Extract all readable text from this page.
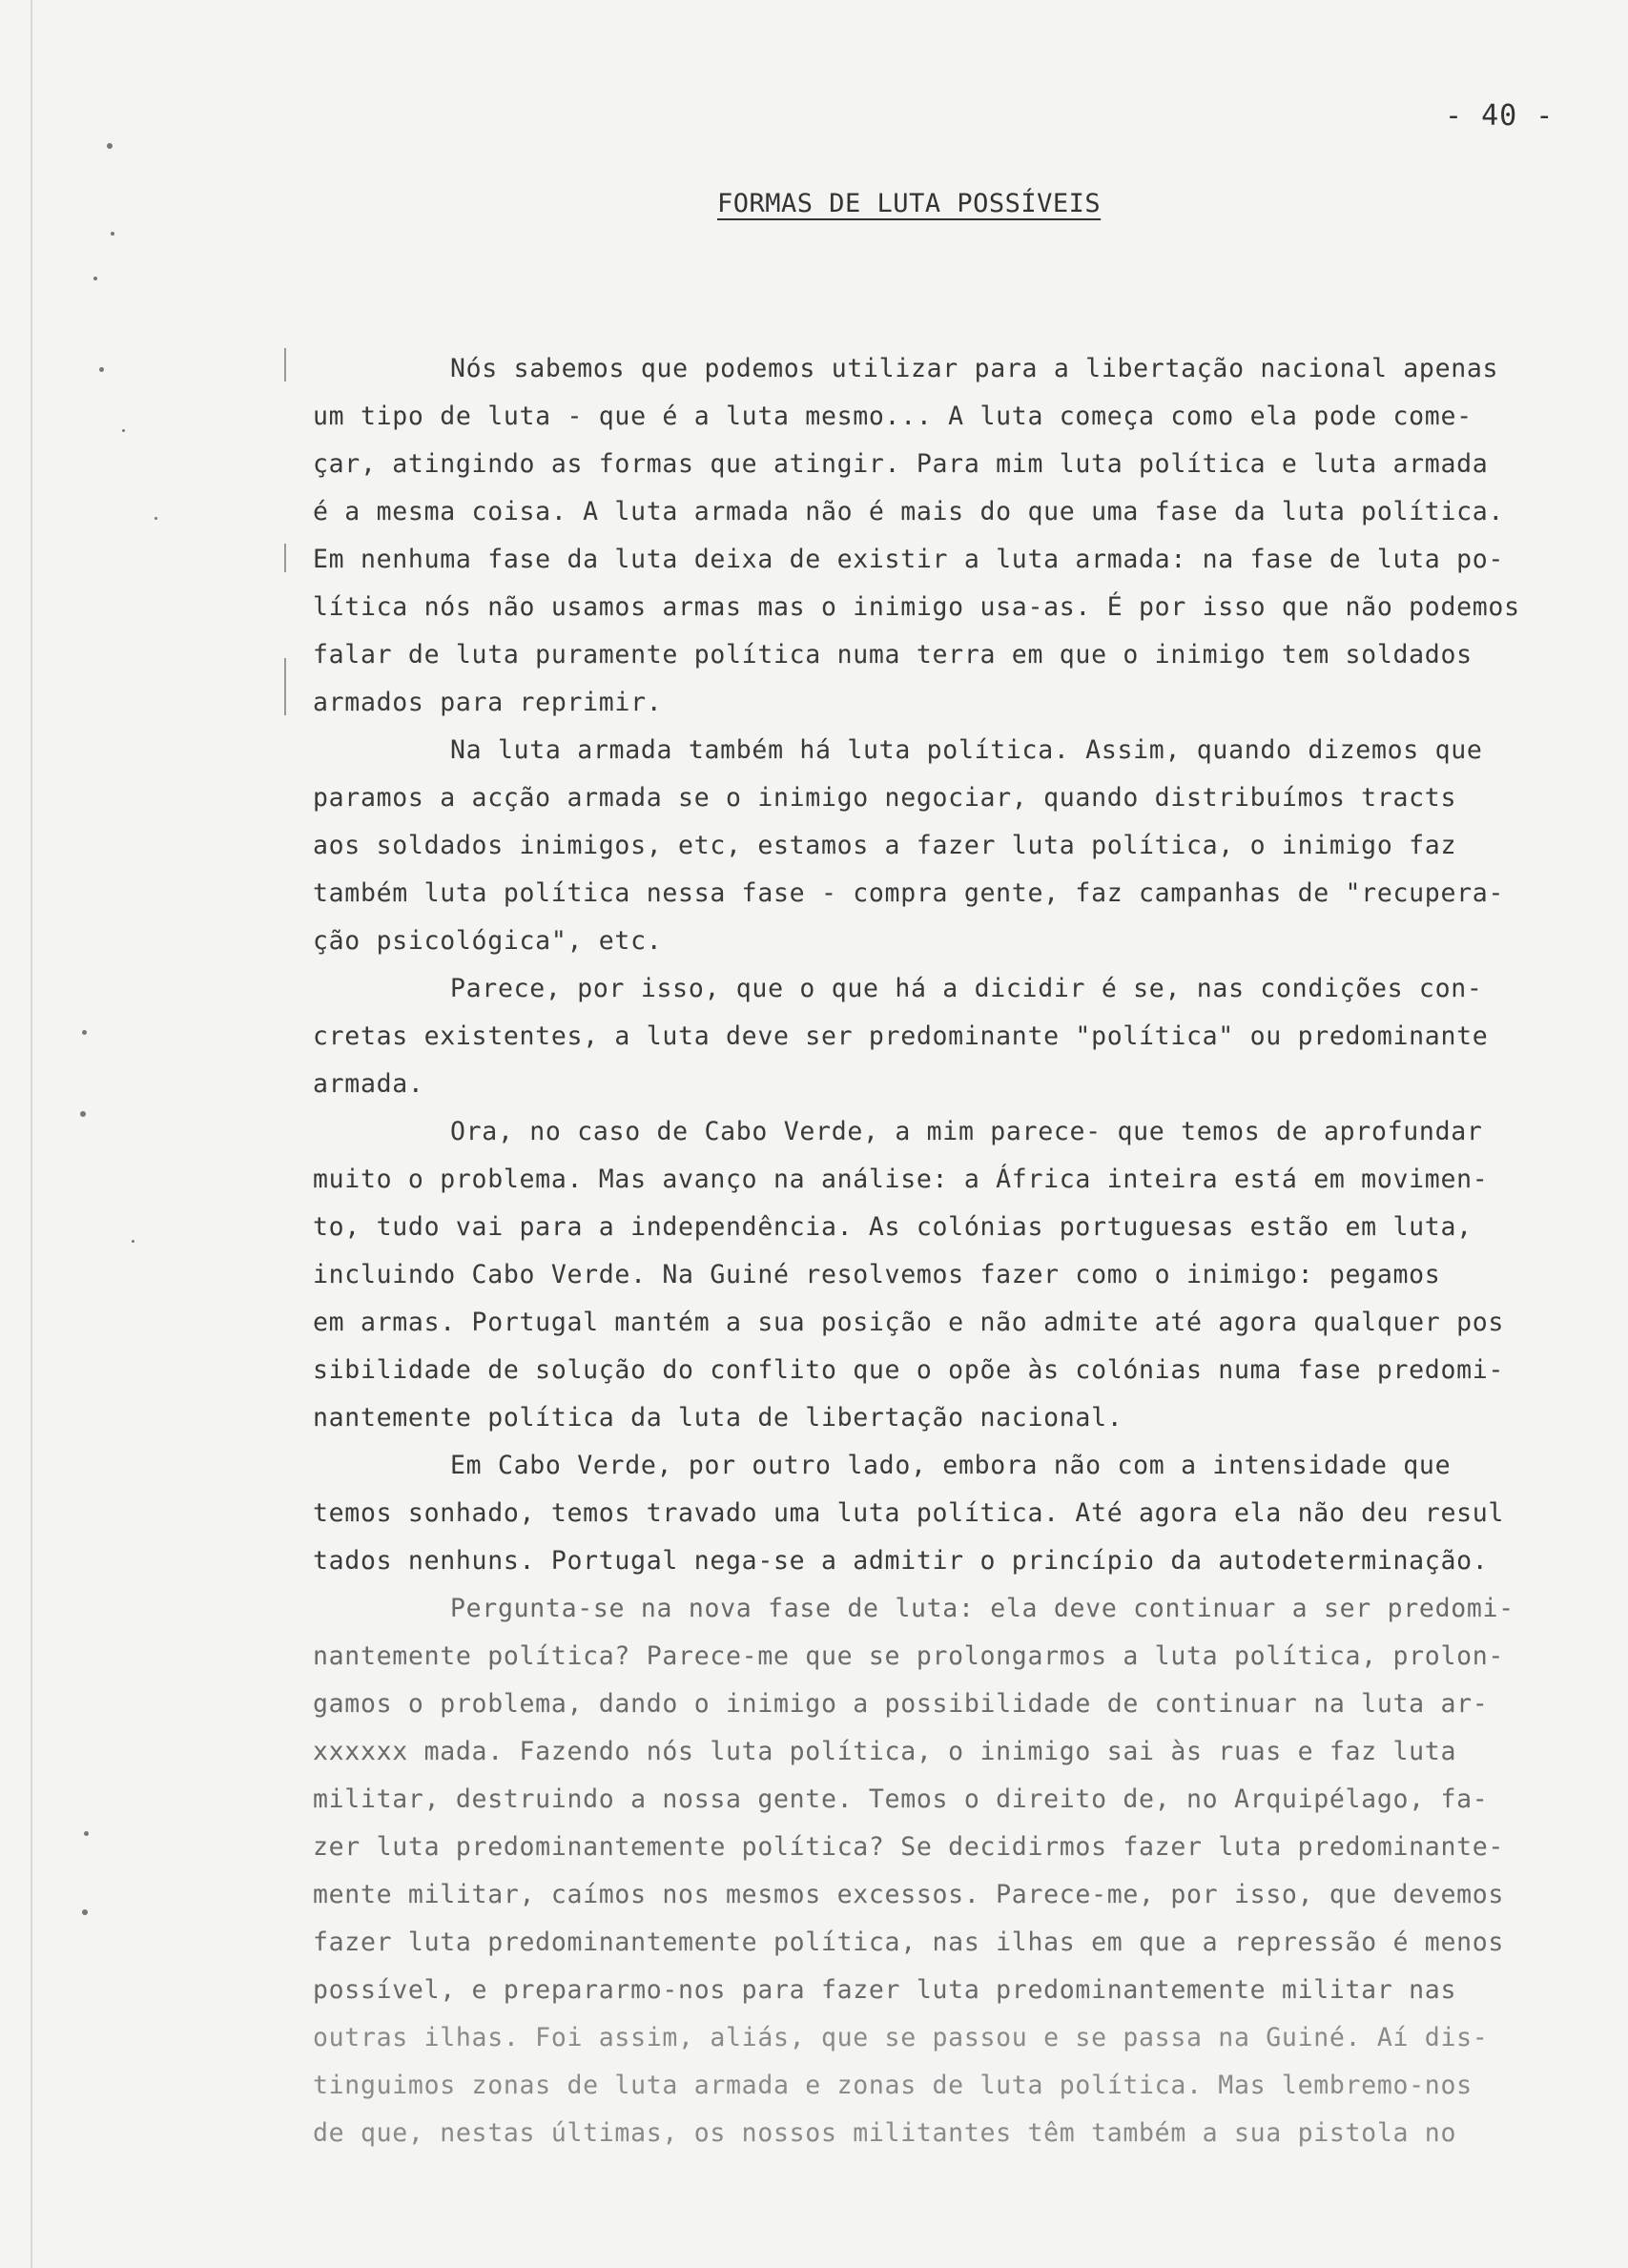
- 40 -
FORMAS DE LUTA POSSÍVEIS
Nós sabemos que podemos utilizar para a libertação nacional apenas
um tipo de luta - que é a luta mesmo... A luta começa como ela pode come-
çar, atingindo as formas que atingir. Para mim luta política e luta armada
é a mesma coisa. A luta armada não é mais do que uma fase da luta política.
Em nenhuma fase da luta deixa de existir a luta armada: na fase de luta po-
lítica nós não usamos armas mas o inimigo usa-as. É por isso que não podemos
falar de luta puramente política numa terra em que o inimigo tem soldados
armados para reprimir.
Na luta armada também há luta política. Assim, quando dizemos que
paramos a acção armada se o inimigo negociar, quando distribuímos tracts
aos soldados inimigos, etc, estamos a fazer luta política, o inimigo faz
também luta política nessa fase - compra gente, faz campanhas de "recupera-
ção psicológica", etc.
Parece, por isso, que o que há a dicidir é se, nas condições con-
cretas existentes, a luta deve ser predominante "política" ou predominante
armada.
Ora, no caso de Cabo Verde, a mim parece- que temos de aprofundar
muito o problema. Mas avanço na análise: a África inteira está em movimen-
to, tudo vai para a independência. As colónias portuguesas estão em luta,
incluindo Cabo Verde. Na Guiné resolvemos fazer como o inimigo: pegamos
em armas. Portugal mantém a sua posição e não admite até agora qualquer pos
sibilidade de solução do conflito que o opõe às colónias numa fase predomi-
nantemente política da luta de libertação nacional.
Em Cabo Verde, por outro lado, embora não com a intensidade que
temos sonhado, temos travado uma luta política. Até agora ela não deu resul
tados nenhuns. Portugal nega-se a admitir o princípio da autodeterminação.
Pergunta-se na nova fase de luta: ela deve continuar a ser predomi-
nantemente política? Parece-me que se prolongarmos a luta política, prolon-
gamos o problema, dando o inimigo a possibilidade de continuar na luta ar-
xxxxxx mada. Fazendo nós luta política, o inimigo sai às ruas e faz luta
militar, destruindo a nossa gente. Temos o direito de, no Arquipélago, fa-
zer luta predominantemente política? Se decidirmos fazer luta predominante-
mente militar, caímos nos mesmos excessos. Parece-me, por isso, que devemos
fazer luta predominantemente política, nas ilhas em que a repressão é menos
possível, e prepararmo-nos para fazer luta predominantemente militar nas
outras ilhas. Foi assim, aliás, que se passou e se passa na Guiné. Aí dis-
tinguimos zonas de luta armada e zonas de luta política. Mas lembremo-nos
de que, nestas últimas, os nossos militantes têm também a sua pistola no
